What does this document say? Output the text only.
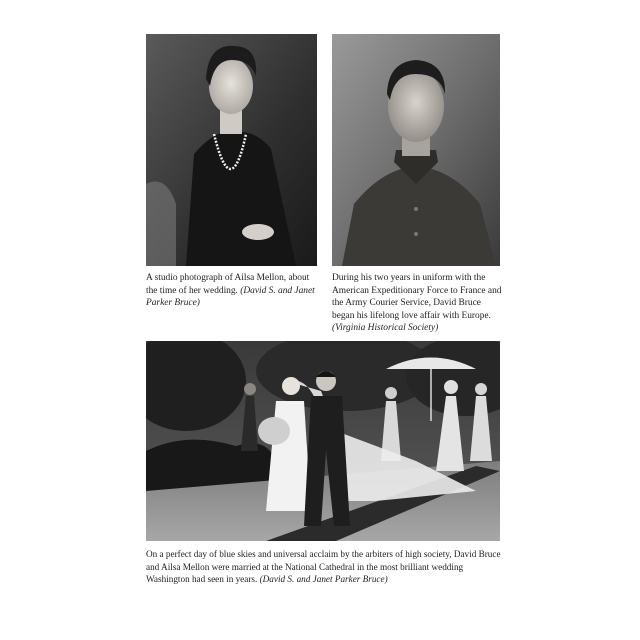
A studio photograph of Ailsa Mellon, about the time of her wedding. (David S. and Janet Parker Bruce)
During his two years in uniform with the American Expeditionary Force to France and the Army Courier Service, David Bruce began his lifelong love affair with Europe. (Virginia Historical Society)
On a perfect day of blue skies and universal acclaim by the arbiters of high society, David Bruce and Ailsa Mellon were married at the National Cathedral in the most brilliant wedding Washington had seen in years. (David S. and Janet Parker Bruce)
